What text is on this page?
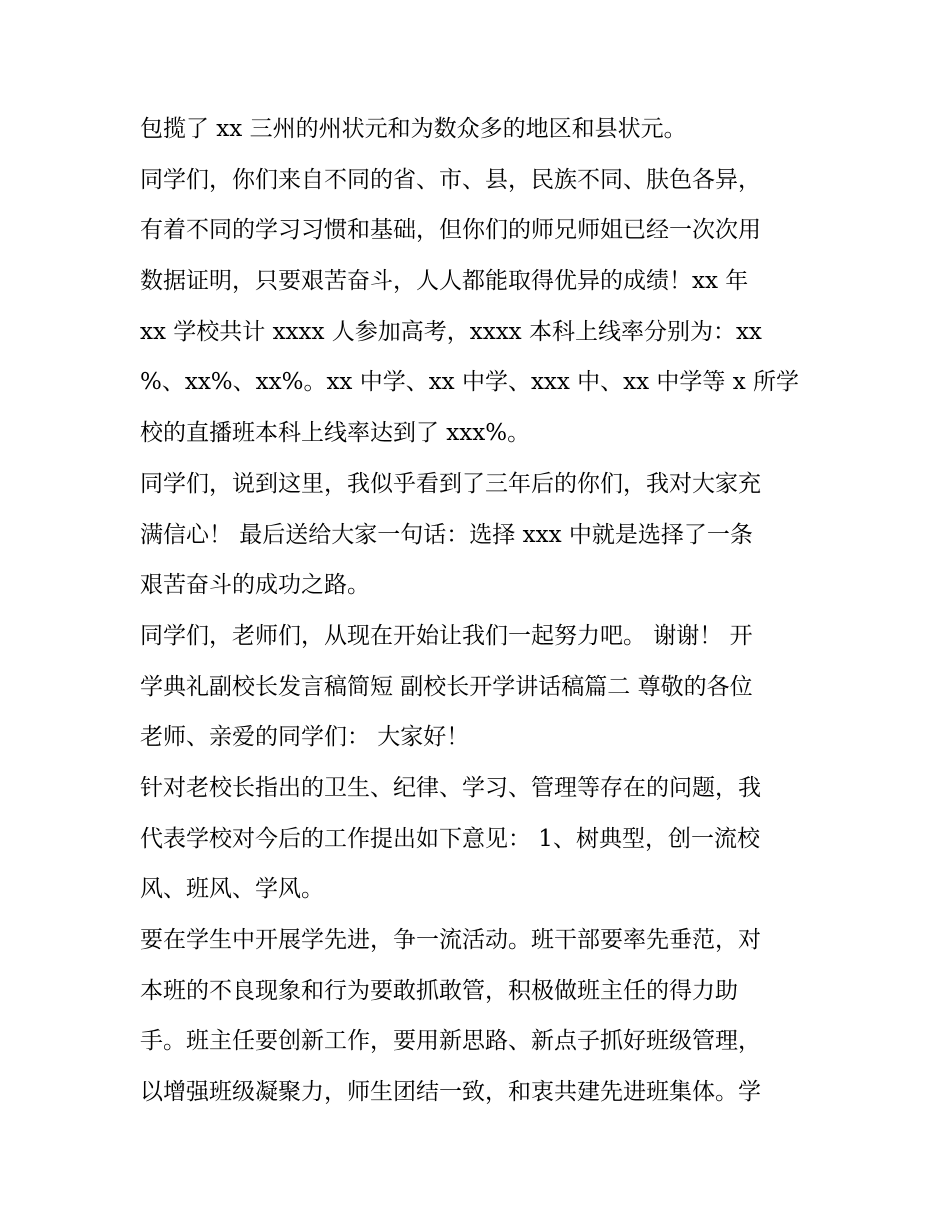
包揽了 xx 三州的州状元和为数众多的地区和县状元。
同学们，你们来自不同的省、市、县，民族不同、肤色各异，
有着不同的学习习惯和基础，但你们的师兄师姐已经一次次用
数据证明，只要艰苦奋斗，人人都能取得优异的成绩！xx 年
xx 学校共计 xxxx 人参加高考，xxxx 本科上线率分别为：xx
%、xx%、xx%。xx 中学、xx 中学、xxx 中、xx 中学等 x 所学
校的直播班本科上线率达到了 xxx%。
同学们，说到这里，我似乎看到了三年后的你们，我对大家充
满信心！ 最后送给大家一句话：选择 xxx 中就是选择了一条
艰苦奋斗的成功之路。
同学们，老师们，从现在开始让我们一起努力吧。 谢谢！ 开
学典礼副校长发言稿简短 副校长开学讲话稿篇二 尊敬的各位
老师、亲爱的同学们： 大家好！
针对老校长指出的卫生、纪律、学习、管理等存在的问题，我
代表学校对今后的工作提出如下意见： 1、树典型，创一流校
风、班风、学风。
要在学生中开展学先进，争一流活动。班干部要率先垂范，对
本班的不良现象和行为要敢抓敢管，积极做班主任的得力助
手。班主任要创新工作，要用新思路、新点子抓好班级管理，
以增强班级凝聚力，师生团结一致，和衷共建先进班集体。学
